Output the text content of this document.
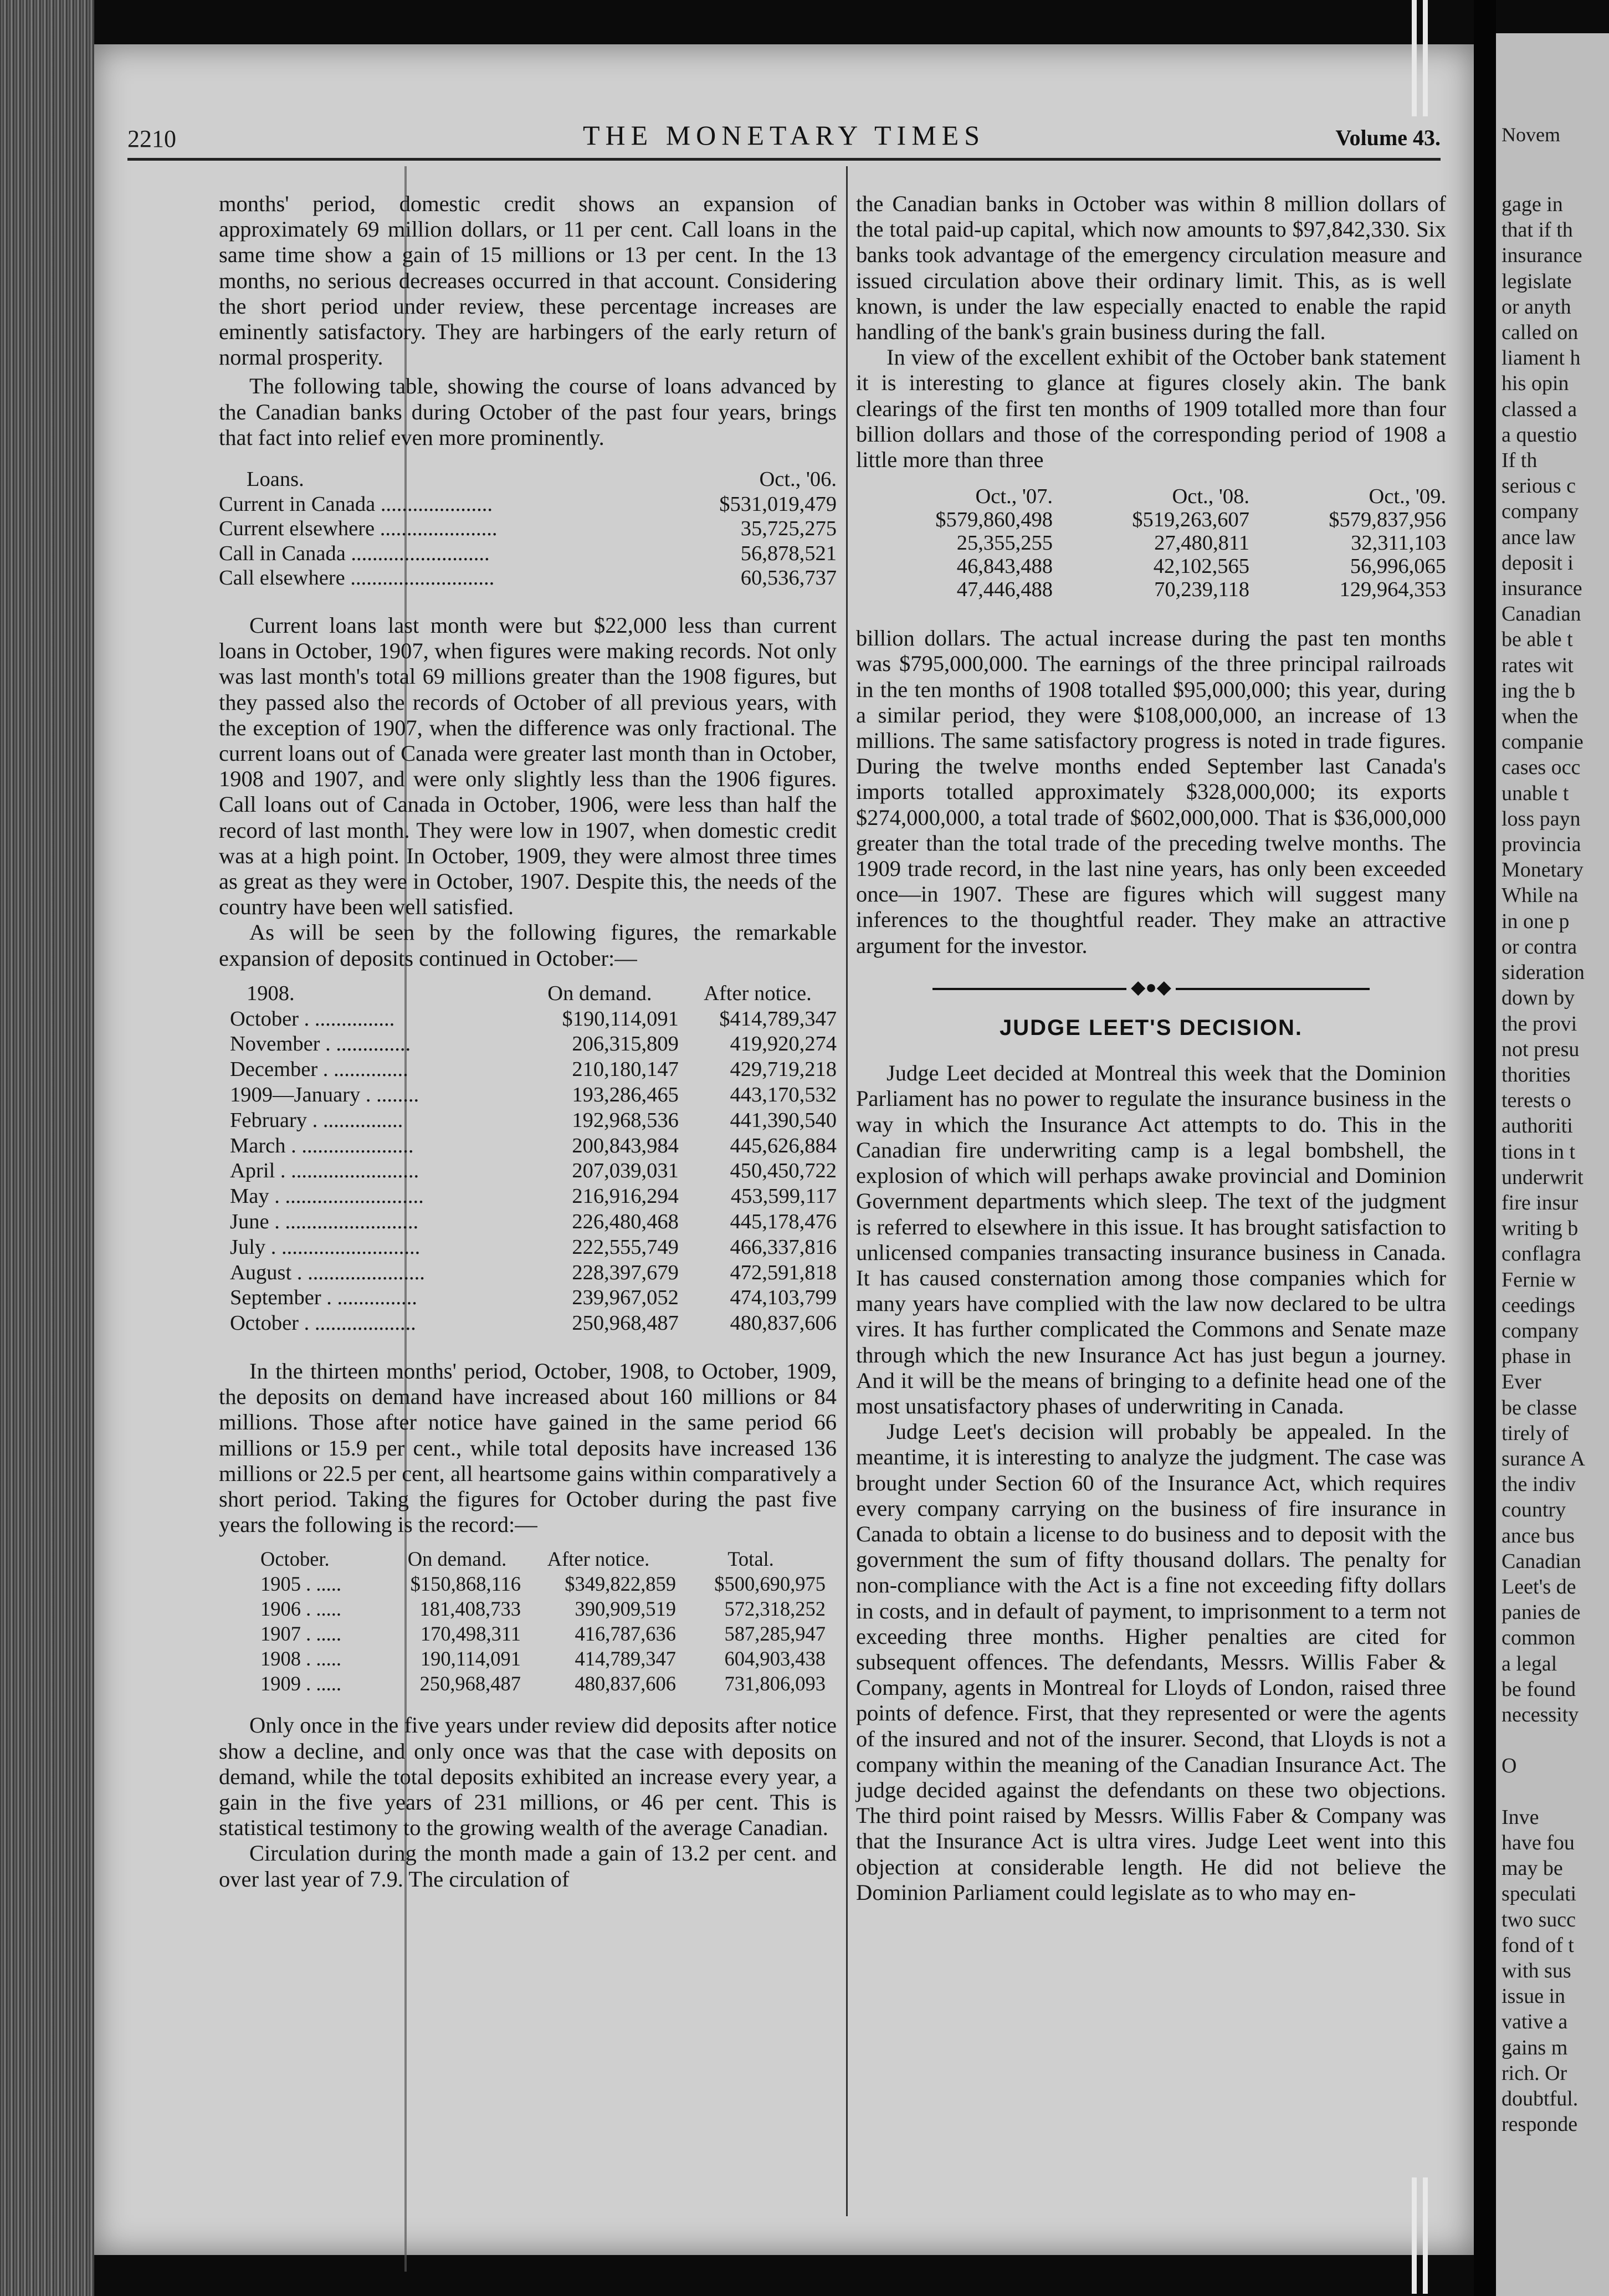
2210	THE MONETARY TIMES	Volume 43.

months' period, domestic credit shows an expansion of approximately 69 million dollars, or 11 per cent. Call loans in the same time show a gain of 15 millions or 13 per cent. In the 13 months, no serious decreases occurred in that account. Considering the short period under review, these percentage increases are eminently satisfactory. They are harbingers of the early return of normal prosperity.

The following table, showing the course of loans advanced by the Canadian banks during October of the past four years, brings that fact into relief even more prominently.

Loans.	Oct., '06.
Current in Canada .....................	$531,019,479
Current elsewhere ......................	35,725,275
Call in Canada ..........................	56,878,521
Call elsewhere ...........................	60,536,737

Current loans last month were but $22,000 less than current loans in October, 1907, when figures were making records. Not only was last month's total 69 millions greater than the 1908 figures, but they passed also the records of October of all previous years, with the exception of 1907, when the difference was only fractional. The current loans out of Canada were greater last month than in October, 1908 and 1907, and were only slightly less than the 1906 figures. Call loans out of Canada in October, 1906, were less than half the record of last month. They were low in 1907, when domestic credit was at a high point. In October, 1909, they were almost three times as great as they were in October, 1907. Despite this, the needs of the country have been well satisfied.

As will be seen by the following figures, the remarkable expansion of deposits continued in October:—

1908.	On demand.	After notice.
October . ...............	$190,114,091	$414,789,347
November . ..............	206,315,809	419,920,274
December . ..............	210,180,147	429,719,218
1909—January . ........	193,286,465	443,170,532
February . ...............	192,968,536	441,390,540
March . .....................	200,843,984	445,626,884
April . ........................	207,039,031	450,450,722
May . ..........................	216,916,294	453,599,117
June . .........................	226,480,468	445,178,476
July . ..........................	222,555,749	466,337,816
August . ......................	228,397,679	472,591,818
September . ...............	239,967,052	474,103,799
October . ...................	250,968,487	480,837,606

In the thirteen months' period, October, 1908, to October, 1909, the deposits on demand have increased about 160 millions or 84 millions. Those after notice have gained in the same period 66 millions or 15.9 per cent., while total deposits have increased 136 millions or 22.5 per cent, all heartsome gains within comparatively a short period. Taking the figures for October during the past five years the following is the record:—

October.	On demand.	After notice.	Total.
1905 . .....	$150,868,116	$349,822,859	$500,690,975
1906 . .....	181,408,733	390,909,519	572,318,252
1907 . .....	170,498,311	416,787,636	587,285,947
1908 . .....	190,114,091	414,789,347	604,903,438
1909 . .....	250,968,487	480,837,606	731,806,093

Only once in the five years under review did deposits after notice show a decline, and only once was that the case with deposits on demand, while the total deposits exhibited an increase every year, a gain in the five years of 231 millions, or 46 per cent. This is statistical testimony to the growing wealth of the average Canadian.

Circulation during the month made a gain of 13.2 per cent. and over last year of 7.9. The circulation of

the Canadian banks in October was within 8 million dollars of the total paid-up capital, which now amounts to $97,842,330. Six banks took advantage of the emergency circulation measure and issued circulation above their ordinary limit. This, as is well known, is under the law especially enacted to enable the rapid handling of the bank's grain business during the fall.

In view of the excellent exhibit of the October bank statement it is interesting to glance at figures closely akin. The bank clearings of the first ten months of 1909 totalled more than four billion dollars and those of the corresponding period of 1908 a little more than three

Oct., '07.	Oct., '08.	Oct., '09.
$579,860,498	$519,263,607	$579,837,956
25,355,255	27,480,811	32,311,103
46,843,488	42,102,565	56,996,065
47,446,488	70,239,118	129,964,353

billion dollars. The actual increase during the past ten months was $795,000,000. The earnings of the three principal railroads in the ten months of 1908 totalled $95,000,000; this year, during a similar period, they were $108,000,000, an increase of 13 millions. The same satisfactory progress is noted in trade figures. During the twelve months ended September last Canada's imports totalled approximately $328,000,000; its exports $274,000,000, a total trade of $602,000,000. That is $36,000,000 greater than the total trade of the preceding twelve months. The 1909 trade record, in the last nine years, has only been exceeded once—in 1907. These are figures which will suggest many inferences to the thoughtful reader. They make an attractive argument for the investor.

◆●◆
JUDGE LEET'S DECISION.

Judge Leet decided at Montreal this week that the Dominion Parliament has no power to regulate the insurance business in the way in which the Insurance Act attempts to do. This in the Canadian fire underwriting camp is a legal bombshell, the explosion of which will perhaps awake provincial and Dominion Government departments which sleep. The text of the judgment is referred to elsewhere in this issue. It has brought satisfaction to unlicensed companies transacting insurance business in Canada. It has caused consternation among those companies which for many years have complied with the law now declared to be ultra vires. It has further complicated the Commons and Senate maze through which the new Insurance Act has just begun a journey. And it will be the means of bringing to a definite head one of the most unsatisfactory phases of underwriting in Canada.

Judge Leet's decision will probably be appealed. In the meantime, it is interesting to analyze the judgment. The case was brought under Section 60 of the Insurance Act, which requires every company carrying on the business of fire insurance in Canada to obtain a license to do business and to deposit with the government the sum of fifty thousand dollars. The penalty for non-compliance with the Act is a fine not exceeding fifty dollars in costs, and in default of payment, to imprisonment to a term not exceeding three months. Higher penalties are cited for subsequent offences. The defendants, Messrs. Willis Faber & Company, agents in Montreal for Lloyds of London, raised three points of defence. First, that they represented or were the agents of the insured and not of the insurer. Second, that Lloyds is not a company within the meaning of the Canadian Insurance Act. The judge decided against the defendants on these two objections. The third point raised by Messrs. Willis Faber & Company was that the Insurance Act is ultra vires. Judge Leet went into this objection at considerable length. He did not believe the Dominion Parliament could legislate as to who may en-

Novem
gage in
that if th
insurance
legislate
or anyth
called on
liament h
his opin
classed a
a questio
If th
serious c
company
ance law
deposit i
insurance
Canadian
be able t
rates wit
ing the b
when the
companie
cases occ
unable t
loss payn
provincia
Monetary
While na
in one p
or contra
sideration
down by
the provi
not presu
thorities
terests o
authoriti
tions in t
underwrit
fire insur
writing b
conflagra
Fernie w
ceedings
company
phase in
Ever
be classe
tirely of
surance A
the indiv
country
ance bus
Canadian
Leet's de
panies de
common
a legal
be found
necessity

O

Inve
have fou
may be
speculati
two succ
fond of t
with sus
issue in
vative a
gains m
rich. Or
doubtful.
responde
